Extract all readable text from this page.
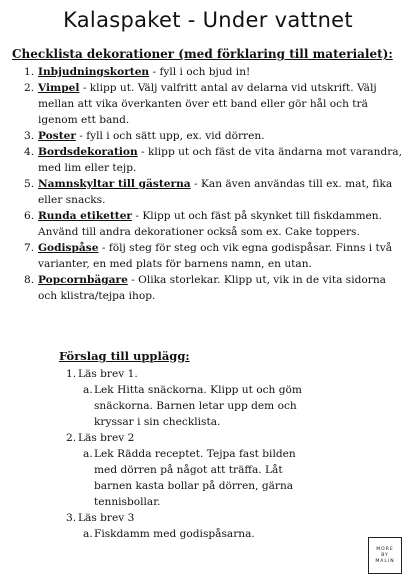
Kalaspaket - Under vattnet
Checklista dekorationer (med förklaring till materialet):
1. Inbjudningskorten - fyll i och bjud in!
2. Vimpel - klipp ut. Välj valfritt antal av delarna vid utskrift. Välj mellan att vika överkanten över ett band eller gör hål och trä igenom ett band.
3. Poster - fyll i och sätt upp, ex. vid dörren.
4. Bordsdekoration - klipp ut och fäst de vita ändarna mot varandra, med lim eller tejp.
5. Namnskyltar till gästerna - Kan även användas till ex. mat, fika eller snacks.
6. Runda etiketter - Klipp ut och fäst på skynket till fiskdammen. Använd till andra dekorationer också som ex. Cake toppers.
7. Godispåse - följ steg för steg och vik egna godispåsar. Finns i två varianter, en med plats för barnens namn, en utan.
8. Popcornbägare - Olika storlekar. Klipp ut, vik in de vita sidorna och klistra/tejpa ihop.
Förslag till upplägg:
1. Läs brev 1.
a. Lek Hitta snäckorna. Klipp ut och göm snäckorna. Barnen letar upp dem och kryssar i sin checklista.
2. Läs brev 2
a. Lek Rädda receptet. Tejpa fast bilden med dörren på något att träffa. Låt barnen kasta bollar på dörren, gärna tennisbollar.
3. Läs brev 3
a. Fiskdamm med godispåsarna.
MORE
BY
MALIN
